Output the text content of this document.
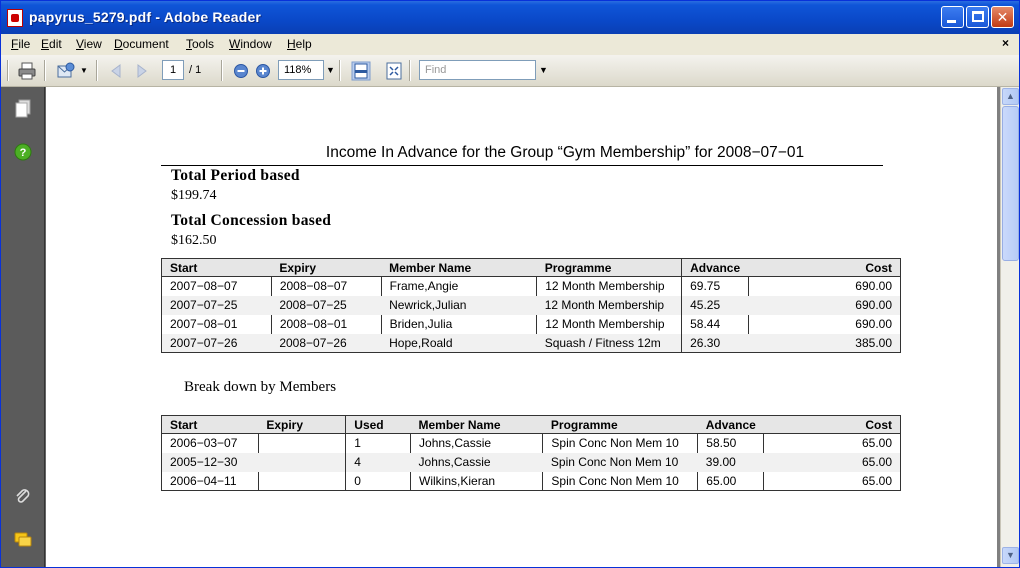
papyrus_5279.pdf - Adobe Reader	✕
File Edit View Document Tools Window Help	×
▼	1	/ 1	118%	▼	Find	▼
?	Income In Advance for the Group “Gym Membership” for 2008−07−01
Total Period based
$199.74
Total Concession based
$162.50
Start	Expiry	Member Name	Programme	Advance	Cost
2007−08−07	2008−08−07	Frame,Angie	12 Month Membership	69.75	690.00
2007−07−25	2008−07−25	Newrick,Julian	12 Month Membership	45.25	690.00
2007−08−01	2008−08−01	Briden,Julia	12 Month Membership	58.44	690.00
2007−07−26	2008−07−26	Hope,Roald	Squash / Fitness 12m	26.30	385.00
Break down by Members
Start	Expiry	Used	Member Name	Programme	Advance	Cost
2006−03−07		1	Johns,Cassie	Spin Conc Non Mem 10	58.50	65.00
2005−12−30		4	Johns,Cassie	Spin Conc Non Mem 10	39.00	65.00
2006−04−11		0	Wilkins,Kieran	Spin Conc Non Mem 10	65.00	65.00
▲
▼
